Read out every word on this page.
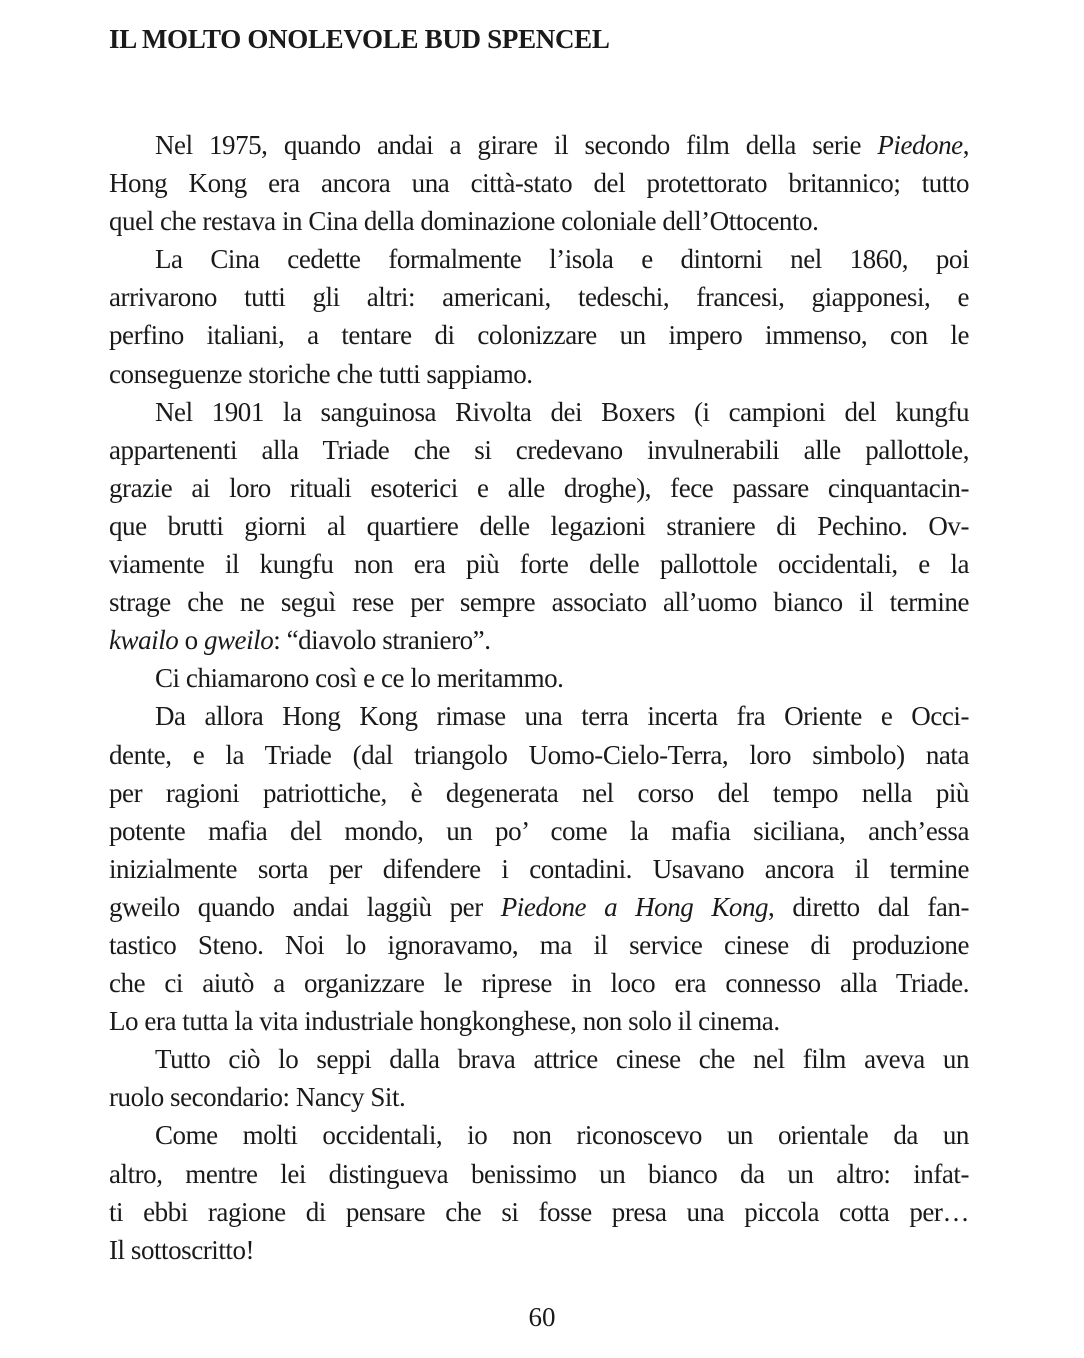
IL MOLTO ONOLEVOLE BUD SPENCEL
Nel 1975, quando andai a girare il secondo film della serie Piedone,
Hong Kong era ancora una città-stato del protettorato britannico; tutto
quel che restava in Cina della dominazione coloniale dell’Ottocento.
La Cina cedette formalmente l’isola e dintorni nel 1860, poi
arrivarono tutti gli altri: americani, tedeschi, francesi, giapponesi, e
perfino italiani, a tentare di colonizzare un impero immenso, con le
conseguenze storiche che tutti sappiamo.
Nel 1901 la sanguinosa Rivolta dei Boxers (i campioni del kungfu
appartenenti alla Triade che si credevano invulnerabili alle pallottole,
grazie ai loro rituali esoterici e alle droghe), fece passare cinquantacin-
que brutti giorni al quartiere delle legazioni straniere di Pechino. Ov-
viamente il kungfu non era più forte delle pallottole occidentali, e la
strage che ne seguì rese per sempre associato all’uomo bianco il termine
kwailo o gweilo: “diavolo straniero”.
Ci chiamarono così e ce lo meritammo.
Da allora Hong Kong rimase una terra incerta fra Oriente e Occi-
dente, e la Triade (dal triangolo Uomo-Cielo-Terra, loro simbolo) nata
per ragioni patriottiche, è degenerata nel corso del tempo nella più
potente mafia del mondo, un po’ come la mafia siciliana, anch’essa
inizialmente sorta per difendere i contadini. Usavano ancora il termine
gweilo quando andai laggiù per Piedone a Hong Kong, diretto dal fan-
tastico Steno. Noi lo ignoravamo, ma il service cinese di produzione
che ci aiutò a organizzare le riprese in loco era connesso alla Triade.
Lo era tutta la vita industriale hongkonghese, non solo il cinema.
Tutto ciò lo seppi dalla brava attrice cinese che nel film aveva un
ruolo secondario: Nancy Sit.
Come molti occidentali, io non riconoscevo un orientale da un
altro, mentre lei distingueva benissimo un bianco da un altro: infat-
ti ebbi ragione di pensare che si fosse presa una piccola cotta per…
Il sottoscritto!
60
